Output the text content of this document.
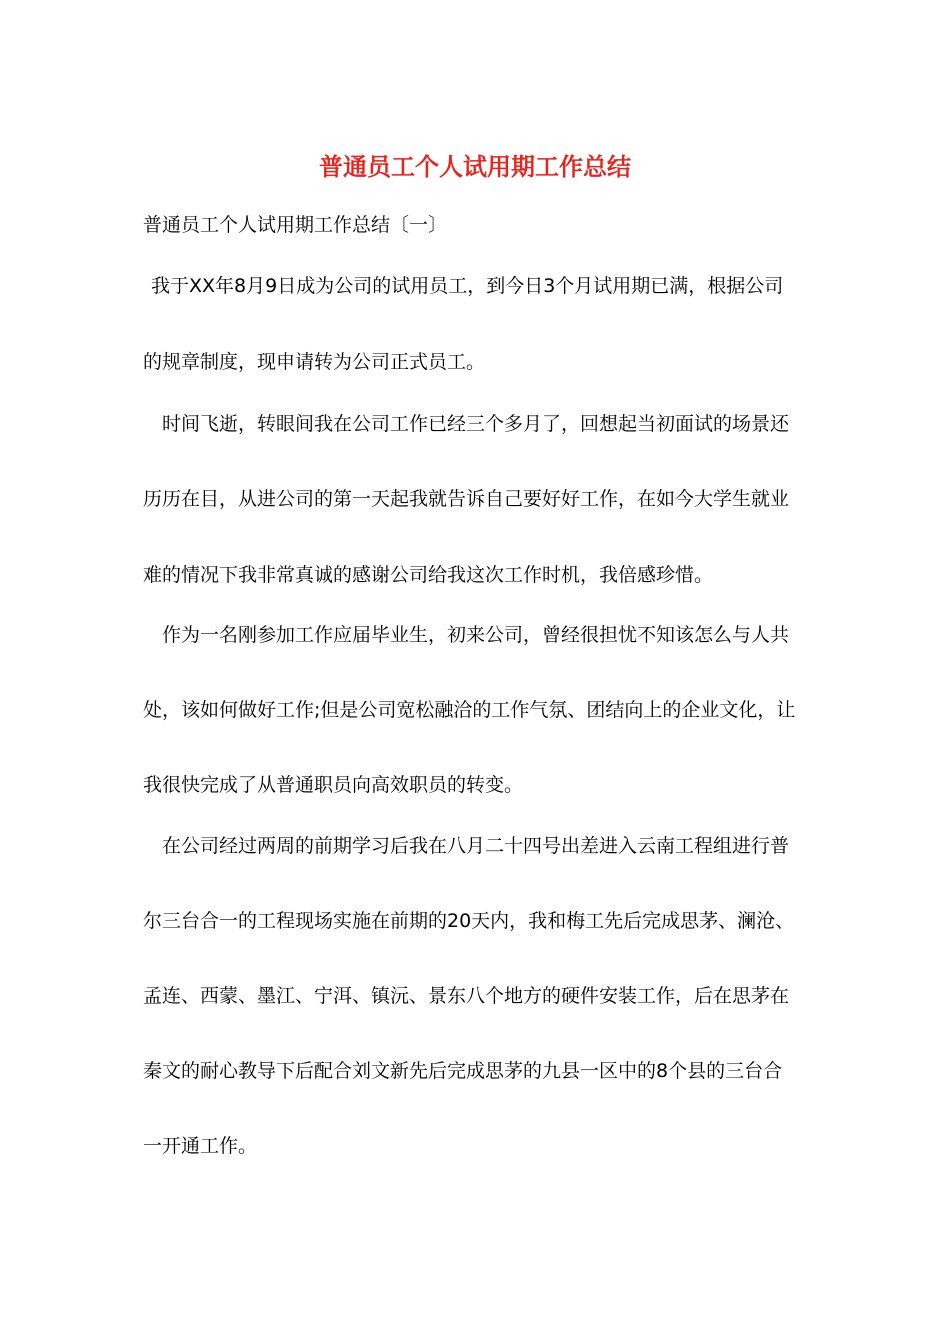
普通员工个人试用期工作总结

普通员工个人试用期工作总结〔一〕

我于XX年8月9日成为公司的试用员工，到今日3个月试用期已满，根据公司

的规章制度，现申请转为公司正式员工。

时间飞逝，转眼间我在公司工作已经三个多月了，回想起当初面试的场景还

历历在目，从进公司的第一天起我就告诉自己要好好工作，在如今大学生就业

难的情况下我非常真诚的感谢公司给我这次工作时机，我倍感珍惜。

作为一名刚参加工作应届毕业生，初来公司，曾经很担忧不知该怎么与人共

处，该如何做好工作;但是公司宽松融洽的工作气氛、团结向上的企业文化，让

我很快完成了从普通职员向高效职员的转变。

在公司经过两周的前期学习后我在八月二十四号出差进入云南工程组进行普

尔三台合一的工程现场实施在前期的20天内，我和梅工先后完成思茅、澜沧、

孟连、西蒙、墨江、宁洱、镇沅、景东八个地方的硬件安装工作，后在思茅在

秦文的耐心教导下后配合刘文新先后完成思茅的九县一区中的8个县的三台合

一开通工作。
